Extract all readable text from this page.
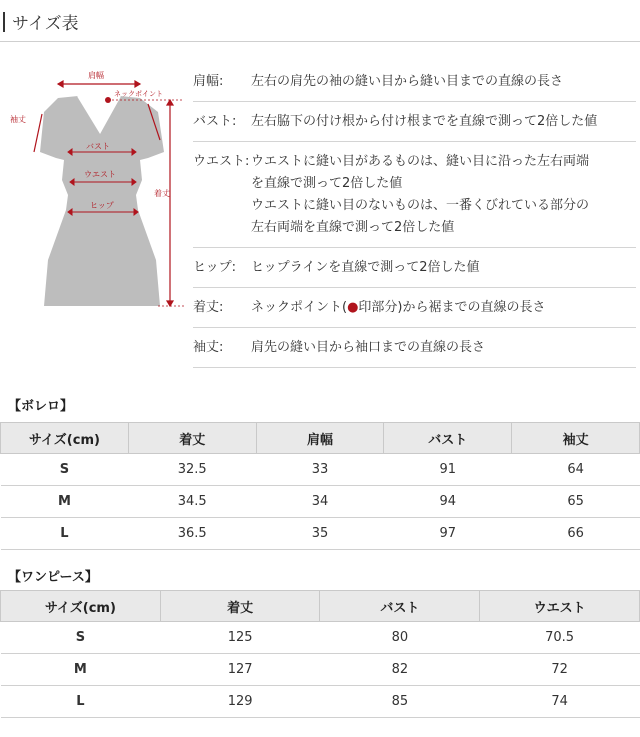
サイズ表
肩幅
ネックポイント
袖丈
バスト
ウエスト
ヒップ
着丈
肩幅:	左右の肩先の袖の縫い目から縫い目までの直線の長さ
バスト:	左右脇下の付け根から付け根までを直線で測って2倍した値
ウエスト: ウエストに縫い目があるものは、縫い目に沿った左右両端
を直線で測って2倍した値
ウエストに縫い目のないものは、一番くびれている部分の
左右両端を直線で測って2倍した値
ヒップ:	ヒップラインを直線で測って2倍した値
着丈:	ネックポイント(●印部分)から裾までの直線の長さ
袖丈:	肩先の縫い目から袖口までの直線の長さ
【ボレロ】
サイズ(cm)	着丈	肩幅	バスト	袖丈
S	32.5	33	91	64
M	34.5	34	94	65
L	36.5	35	97	66
【ワンピース】
サイズ(cm)	着丈	バスト	ウエスト
S	125	80	70.5
M	127	82	72
L	129	85	74
